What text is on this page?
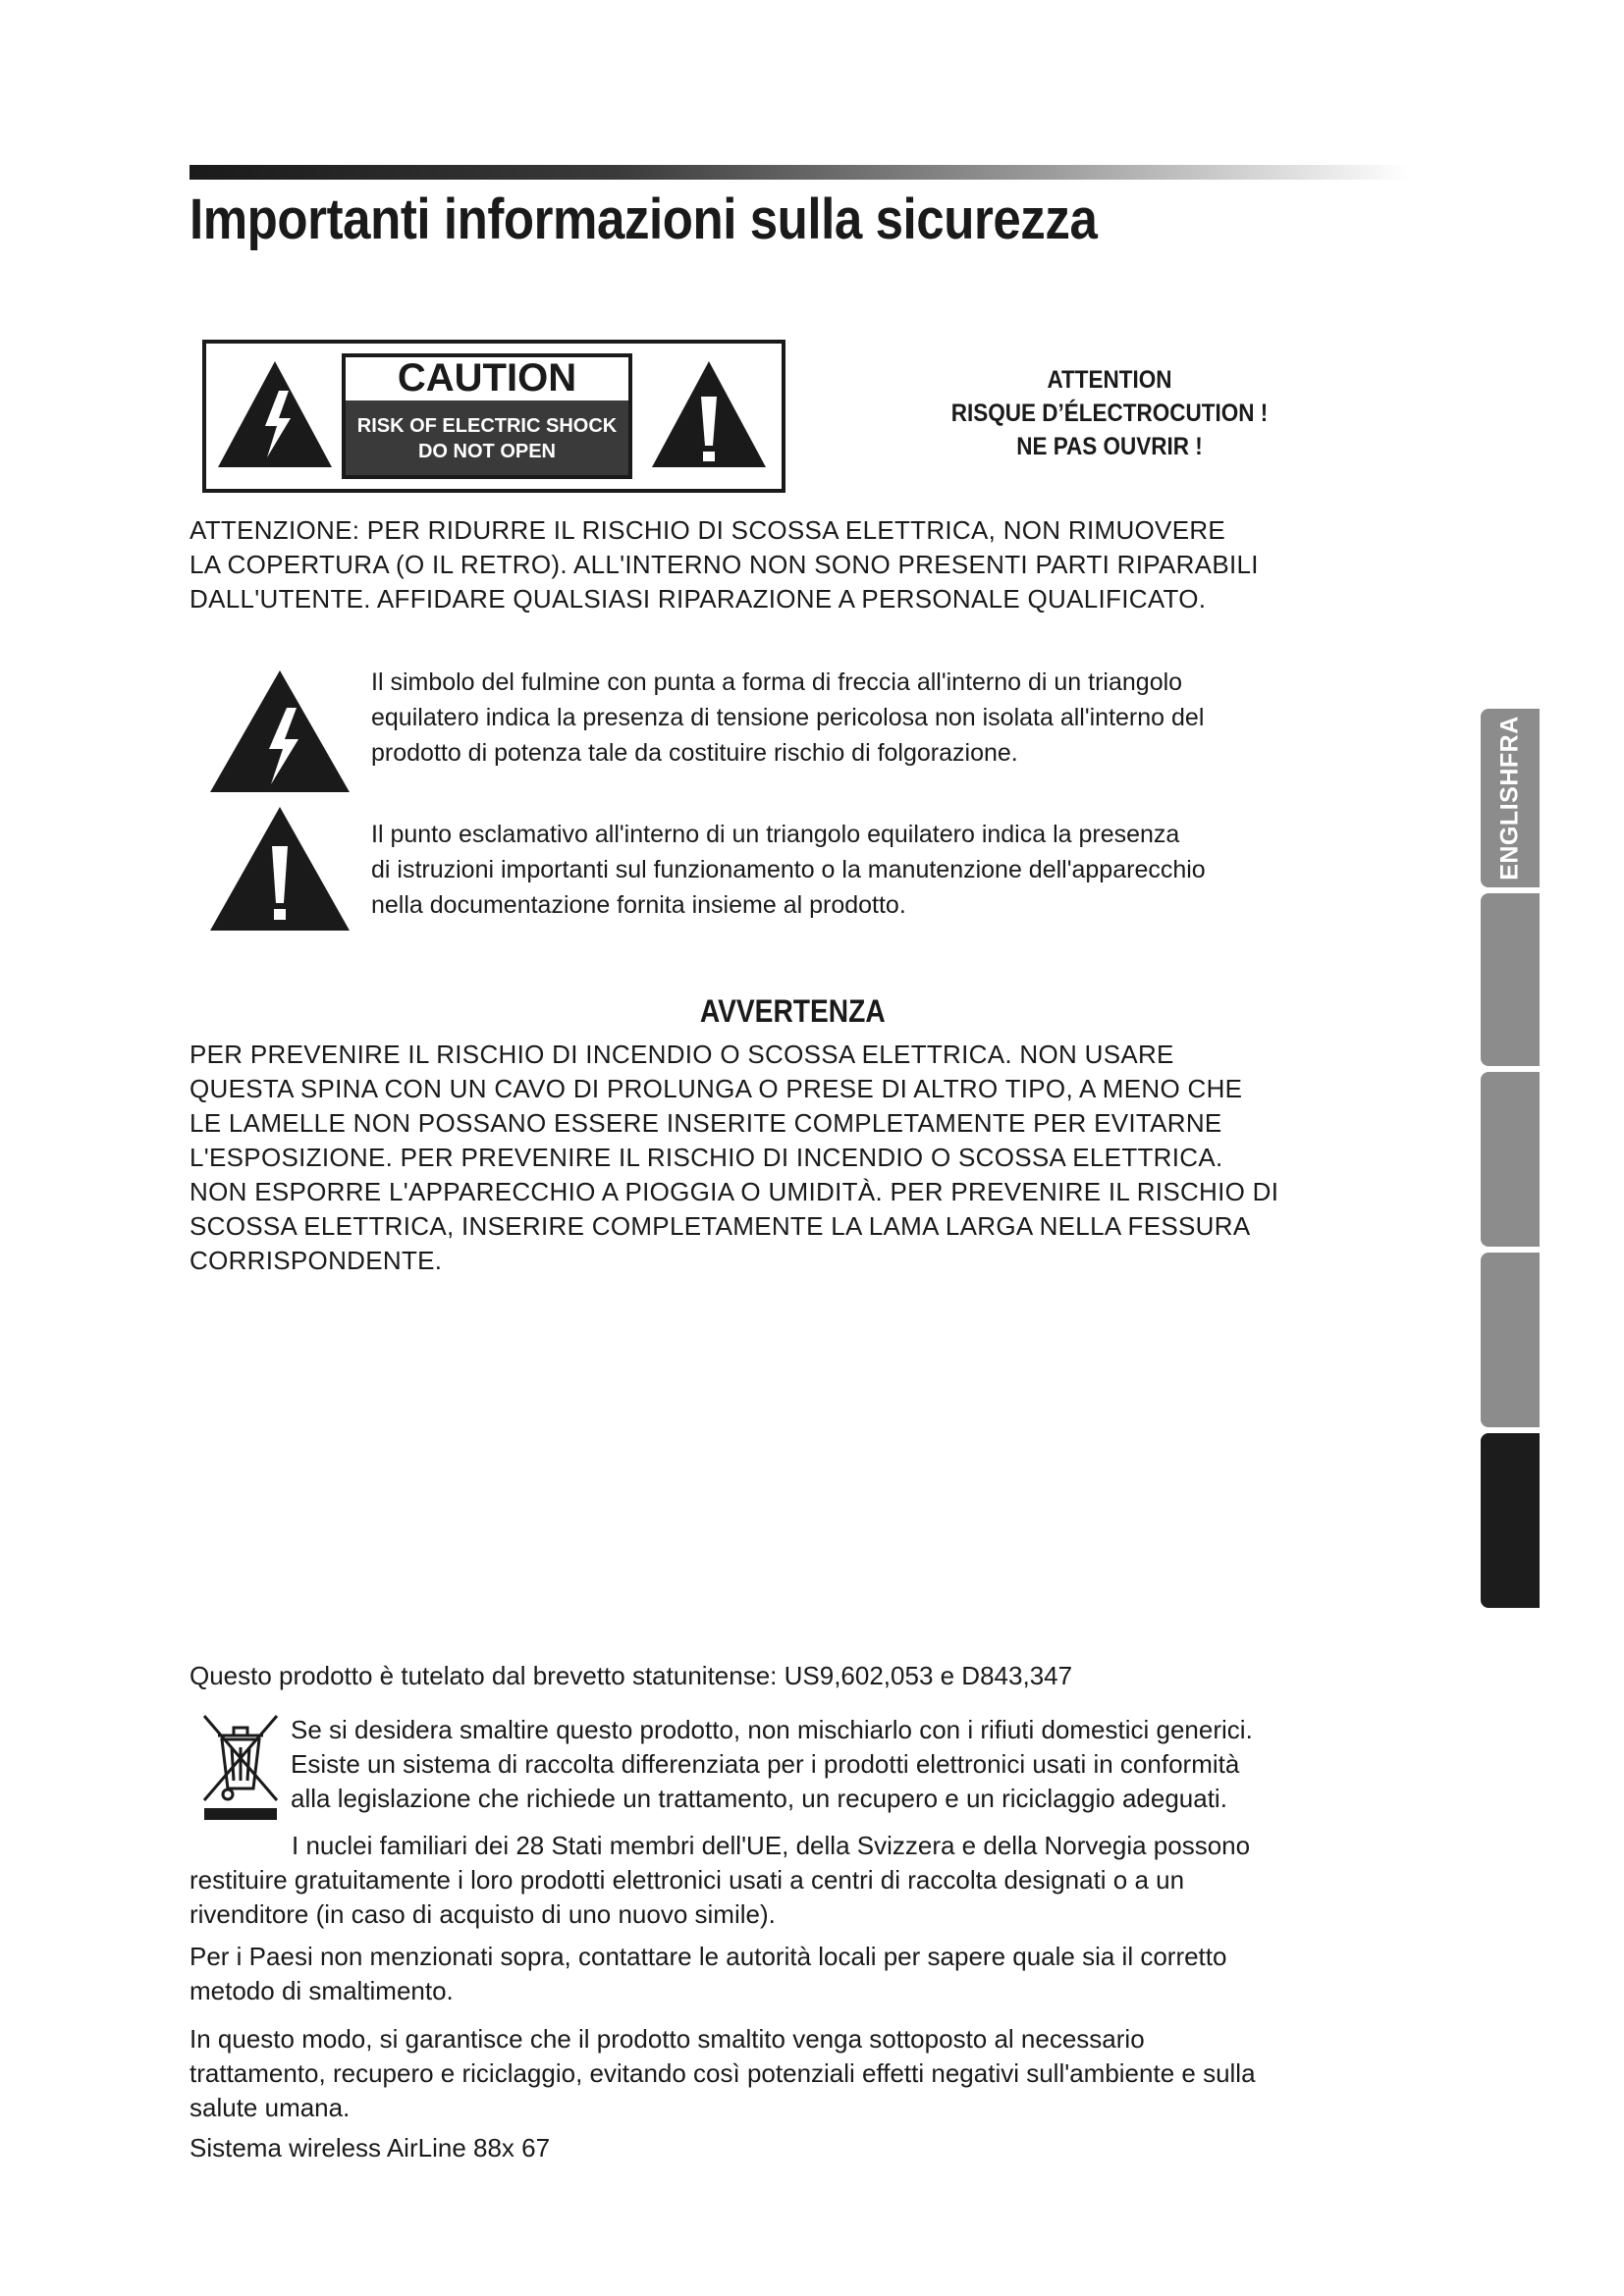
Importanti informazioni sulla sicurezza
CAUTION
RISK OF ELECTRIC SHOCK
DO NOT OPEN
ATTENTION
RISQUE D’ÉLECTROCUTION !
NE PAS OUVRIR !
ATTENZIONE: PER RIDURRE IL RISCHIO DI SCOSSA ELETTRICA, NON RIMUOVERE
LA COPERTURA (O IL RETRO). ALL'INTERNO NON SONO PRESENTI PARTI RIPARABILI
DALL'UTENTE. AFFIDARE QUALSIASI RIPARAZIONE A PERSONALE QUALIFICATO.
Il simbolo del fulmine con punta a forma di freccia all'interno di un triangolo
equilatero indica la presenza di tensione pericolosa non isolata all'interno del
prodotto di potenza tale da costituire rischio di folgorazione.
Il punto esclamativo all'interno di un triangolo equilatero indica la presenza
di istruzioni importanti sul funzionamento o la manutenzione dell'apparecchio
nella documentazione fornita insieme al prodotto.
AVVERTENZA
PER PREVENIRE IL RISCHIO DI INCENDIO O SCOSSA ELETTRICA. NON USARE
QUESTA SPINA CON UN CAVO DI PROLUNGA O PRESE DI ALTRO TIPO, A MENO CHE
LE LAMELLE NON POSSANO ESSERE INSERITE COMPLETAMENTE PER EVITARNE
L'ESPOSIZIONE. PER PREVENIRE IL RISCHIO DI INCENDIO O SCOSSA ELETTRICA.
NON ESPORRE L'APPARECCHIO A PIOGGIA O UMIDITÀ. PER PREVENIRE IL RISCHIO DI
SCOSSA ELETTRICA, INSERIRE COMPLETAMENTE LA LAMA LARGA NELLA FESSURA
CORRISPONDENTE.
ENGLISHFRA
Questo prodotto è tutelato dal brevetto statunitense: US9,602,053 e D843,347
Se si desidera smaltire questo prodotto, non mischiarlo con i rifiuti domestici generici.
Esiste un sistema di raccolta differenziata per i prodotti elettronici usati in conformità
alla legislazione che richiede un trattamento, un recupero e un riciclaggio adeguati.
I nuclei familiari dei 28 Stati membri dell'UE, della Svizzera e della Norvegia possono
restituire gratuitamente i loro prodotti elettronici usati a centri di raccolta designati o a un
rivenditore (in caso di acquisto di uno nuovo simile).
Per i Paesi non menzionati sopra, contattare le autorità locali per sapere quale sia il corretto
metodo di smaltimento.
In questo modo, si garantisce che il prodotto smaltito venga sottoposto al necessario
trattamento, recupero e riciclaggio, evitando così potenziali effetti negativi sull'ambiente e sulla
salute umana.
Sistema wireless AirLine 88x 67
